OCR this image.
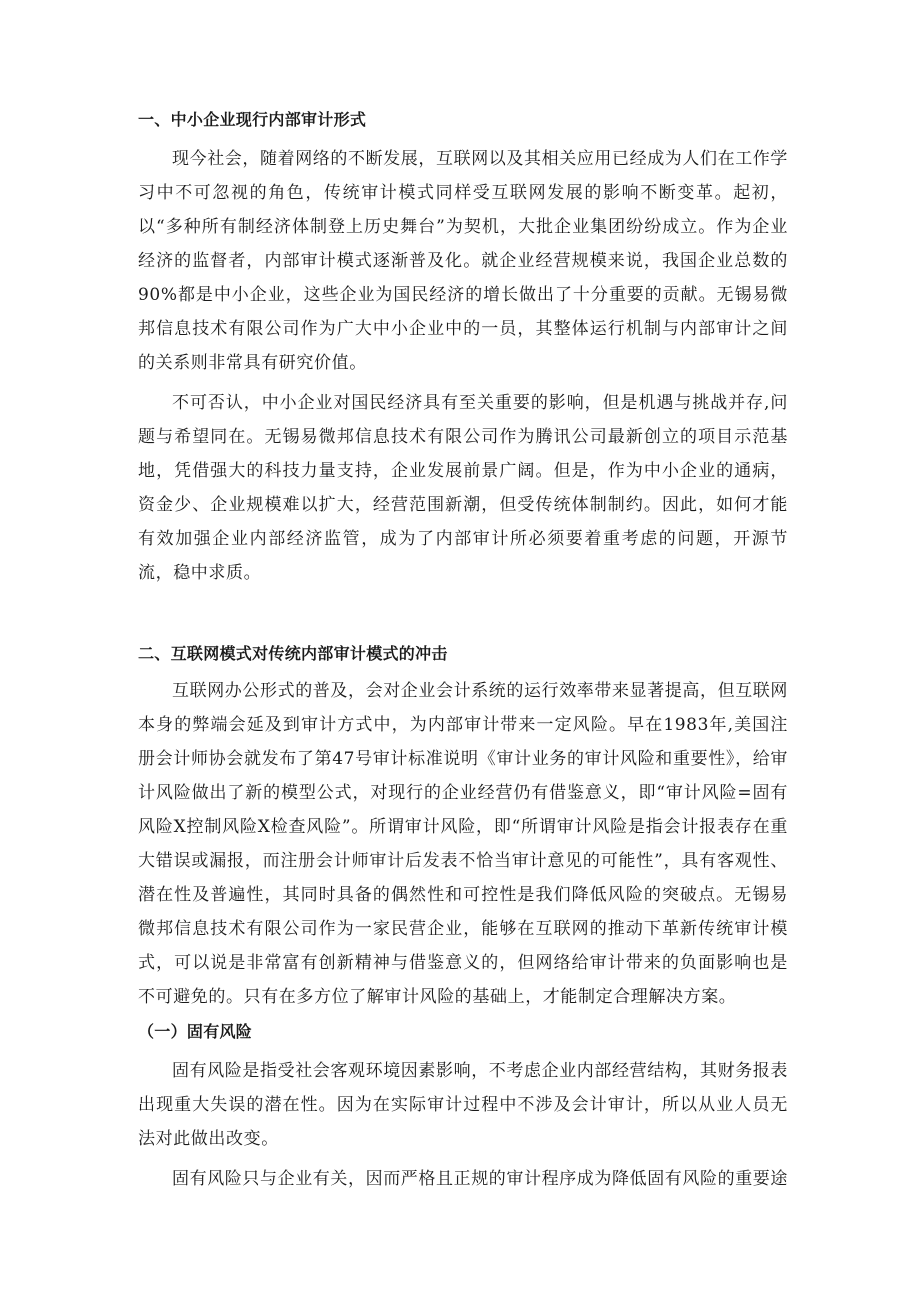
一、中小企业现行内部审计形式

现今社会，随着网络的不断发展，互联网以及其相关应用已经成为人们在工作学习中不可忽视的角色，传统审计模式同样受互联网发展的影响不断变革。起初，以“多种所有制经济体制登上历史舞台”为契机，大批企业集团纷纷成立。作为企业经济的监督者，内部审计模式逐渐普及化。就企业经营规模来说，我国企业总数的90%都是中小企业，这些企业为国民经济的增长做出了十分重要的贡献。无锡易微邦信息技术有限公司作为广大中小企业中的一员，其整体运行机制与内部审计之间的关系则非常具有研究价值。

不可否认，中小企业对国民经济具有至关重要的影响，但是机遇与挑战并存,问题与希望同在。无锡易微邦信息技术有限公司作为腾讯公司最新创立的项目示范基地，凭借强大的科技力量支持，企业发展前景广阔。但是，作为中小企业的通病，资金少、企业规模难以扩大，经营范围新潮，但受传统体制制约。因此，如何才能有效加强企业内部经济监管，成为了内部审计所必须要着重考虑的问题，开源节流，稳中求质。

二、互联网模式对传统内部审计模式的冲击

互联网办公形式的普及，会对企业会计系统的运行效率带来显著提高，但互联网本身的弊端会延及到审计方式中，为内部审计带来一定风险。早在1983年,美国注册会计师协会就发布了第47号审计标准说明《审计业务的审计风险和重要性》，给审计风险做出了新的模型公式，对现行的企业经营仍有借鉴意义，即“审计风险=固有风险X控制风险X检查风险”。所谓审计风险，即“所谓审计风险是指会计报表存在重大错误或漏报，而注册会计师审计后发表不恰当审计意见的可能性”，具有客观性、潜在性及普遍性，其同时具备的偶然性和可控性是我们降低风险的突破点。无锡易微邦信息技术有限公司作为一家民营企业，能够在互联网的推动下革新传统审计模式，可以说是非常富有创新精神与借鉴意义的，但网络给审计带来的负面影响也是不可避免的。只有在多方位了解审计风险的基础上，才能制定合理解决方案。

（一）固有风险

固有风险是指受社会客观环境因素影响，不考虑企业内部经营结构，其财务报表出现重大失误的潜在性。因为在实际审计过程中不涉及会计审计，所以从业人员无法对此做出改变。

固有风险只与企业有关，因而严格且正规的审计程序成为降低固有风险的重要途
